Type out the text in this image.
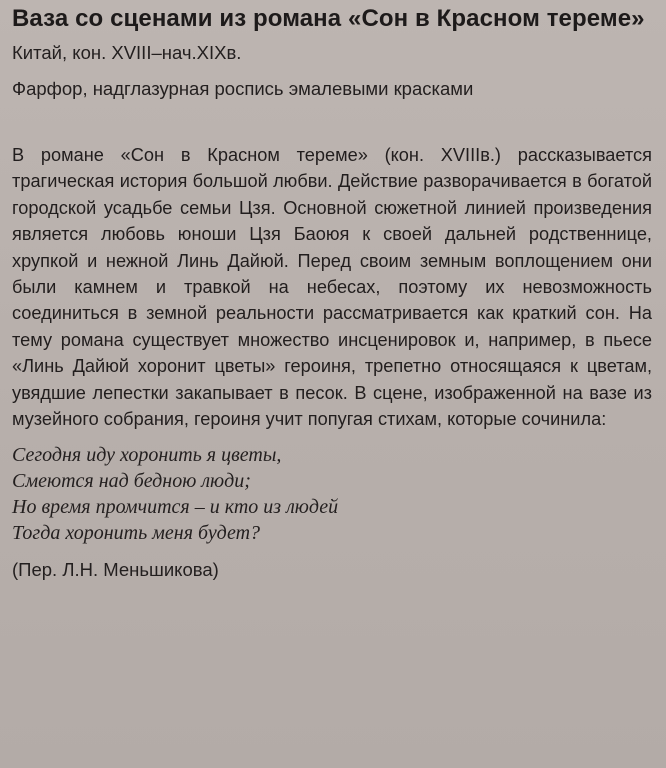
Ваза со сценами из романа «Сон в Красном тереме»

Китай, кон. XVIII–нач.XIXв.

Фарфор, надглазурная роспись эмалевыми красками

В романе «Сон в Красном тереме» (кон. XVIIIв.) рассказывается трагическая история большой любви. Действие разворачивается в богатой городской усадьбе семьи Цзя. Основной сюжетной линией произведения является любовь юноши Цзя Баоюя к своей дальней родственнице, хрупкой и нежной Линь Дайюй. Перед своим земным воплощением они были камнем и травкой на небесах, поэтому их невозможность соединиться в земной реальности рассматривается как краткий сон. На тему романа существует множество инсценировок и, например, в пьесе «Линь Дайюй хоронит цветы» героиня, трепетно относящаяся к цветам, увядшие лепестки закапывает в песок. В сцене, изображенной на вазе из музейного собрания, героиня учит попугая стихам, которые сочинила:

Сегодня иду хоронить я цветы,
Смеются над бедною люди;
Но время промчится – и кто из людей
Тогда хоронить меня будет?

(Пер. Л.Н. Меньшикова)
